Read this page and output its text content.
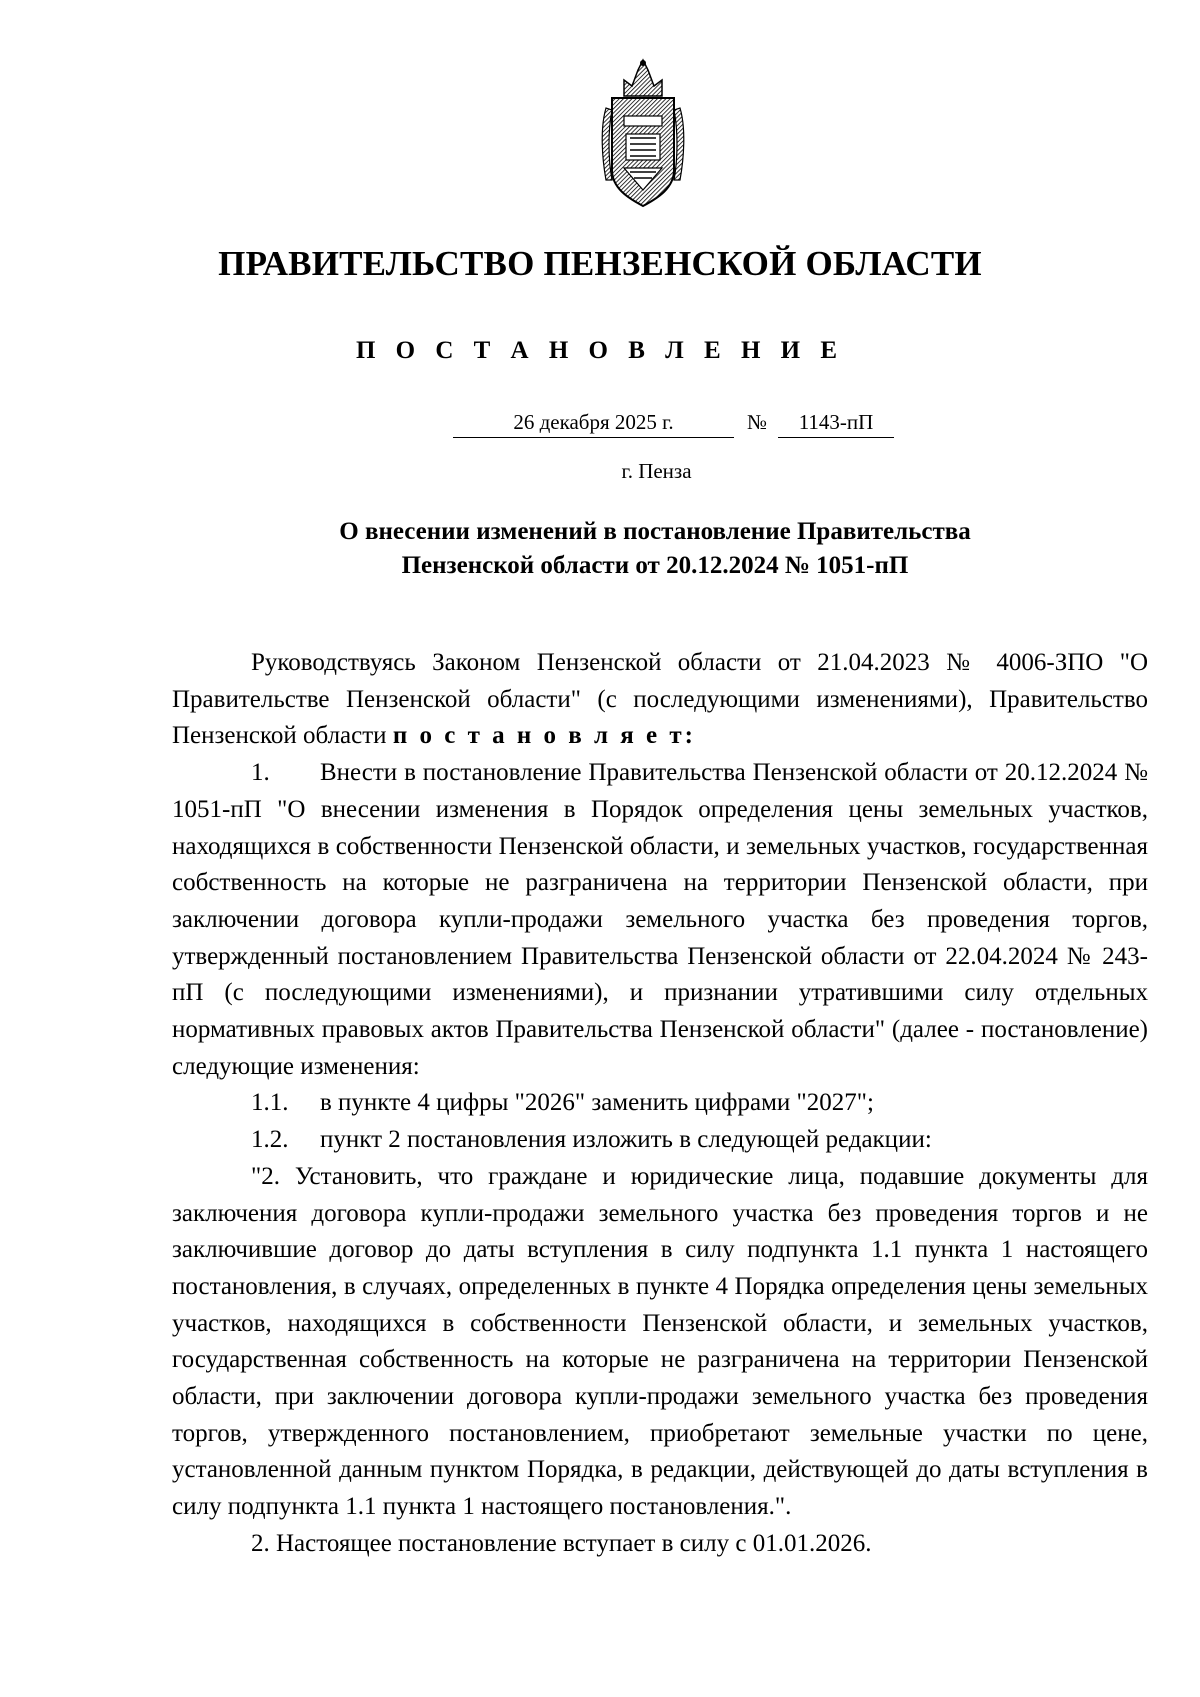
ПРАВИТЕЛЬСТВО ПЕНЗЕНСКОЙ ОБЛАСТИ
П О С Т А Н О В Л Е Н И Е
26 декабря 2025 г.	№	1143-пП
г. Пенза
О внесении изменений в постановление Правительства
Пензенской области от 20.12.2024 № 1051-пП

Руководствуясь Законом Пензенской области от 21.04.2023 № 4006-ЗПО "О Правительстве Пензенской области" (с последующими изменениями), Правительство Пензенской области п о с т а н о в л я е т:

1. Внести в постановление Правительства Пензенской области от 20.12.2024 № 1051-пП "О внесении изменения в Порядок определения цены земельных участков, находящихся в собственности Пензенской области, и земельных участков, государственная собственность на которые не разграничена на территории Пензенской области, при заключении договора купли-продажи земельного участка без проведения торгов, утвержденный постановлением Правительства Пензенской области от 22.04.2024 № 243-пП (с последующими изменениями), и признании утратившими силу отдельных нормативных правовых актов Правительства Пензенской области" (далее - постановление) следующие изменения:

1.1. в пункте 4 цифры "2026" заменить цифрами "2027";

1.2. пункт 2 постановления изложить в следующей редакции:

"2. Установить, что граждане и юридические лица, подавшие документы для заключения договора купли-продажи земельного участка без проведения торгов и не заключившие договор до даты вступления в силу подпункта 1.1 пункта 1 настоящего постановления, в случаях, определенных в пункте 4 Порядка определения цены земельных участков, находящихся в собственности Пензенской области, и земельных участков, государственная собственность на которые не разграничена на территории Пензенской области, при заключении договора купли-продажи земельного участка без проведения торгов, утвержденного постановлением, приобретают земельные участки по цене, установленной данным пунктом Порядка, в редакции, действующей до даты вступления в силу подпункта 1.1 пункта 1 настоящего постановления.".

2. Настоящее постановление вступает в силу с 01.01.2026.
